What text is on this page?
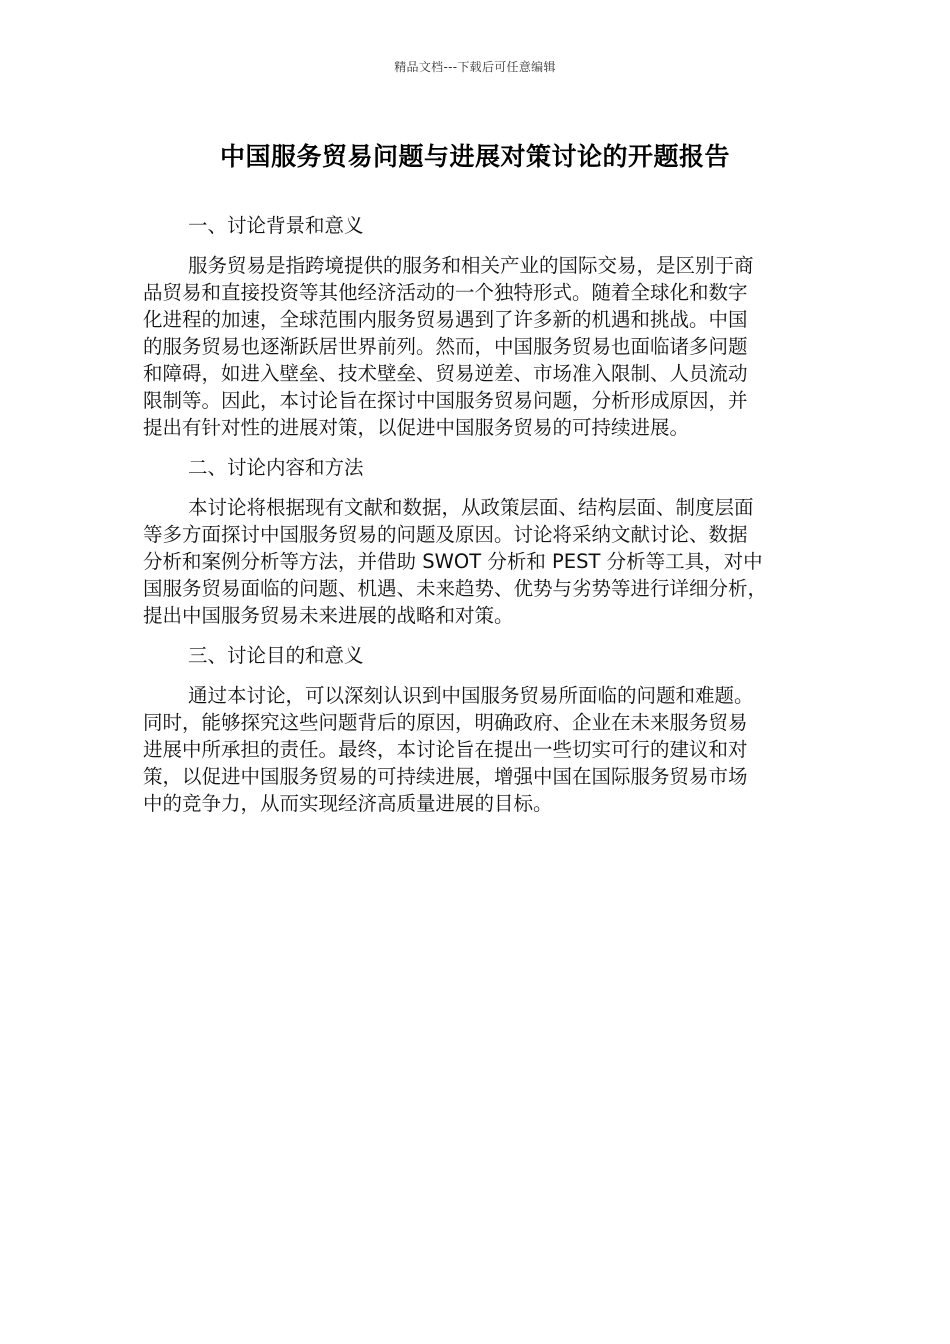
精品文档---下载后可任意编辑
中国服务贸易问题与进展对策讨论的开题报告
一、讨论背景和意义
服务贸易是指跨境提供的服务和相关产业的国际交易，是区别于商
品贸易和直接投资等其他经济活动的一个独特形式。随着全球化和数字
化进程的加速，全球范围内服务贸易遇到了许多新的机遇和挑战。中国
的服务贸易也逐渐跃居世界前列。然而，中国服务贸易也面临诸多问题
和障碍，如进入壁垒、技术壁垒、贸易逆差、市场准入限制、人员流动
限制等。因此，本讨论旨在探讨中国服务贸易问题，分析形成原因，并
提出有针对性的进展对策，以促进中国服务贸易的可持续进展。
二、讨论内容和方法
本讨论将根据现有文献和数据，从政策层面、结构层面、制度层面
等多方面探讨中国服务贸易的问题及原因。讨论将采纳文献讨论、数据
分析和案例分析等方法，并借助 SWOT 分析和 PEST 分析等工具，对中
国服务贸易面临的问题、机遇、未来趋势、优势与劣势等进行详细分析，
提出中国服务贸易未来进展的战略和对策。
三、讨论目的和意义
通过本讨论，可以深刻认识到中国服务贸易所面临的问题和难题。
同时，能够探究这些问题背后的原因，明确政府、企业在未来服务贸易
进展中所承担的责任。最终，本讨论旨在提出一些切实可行的建议和对
策，以促进中国服务贸易的可持续进展，增强中国在国际服务贸易市场
中的竞争力，从而实现经济高质量进展的目标。
